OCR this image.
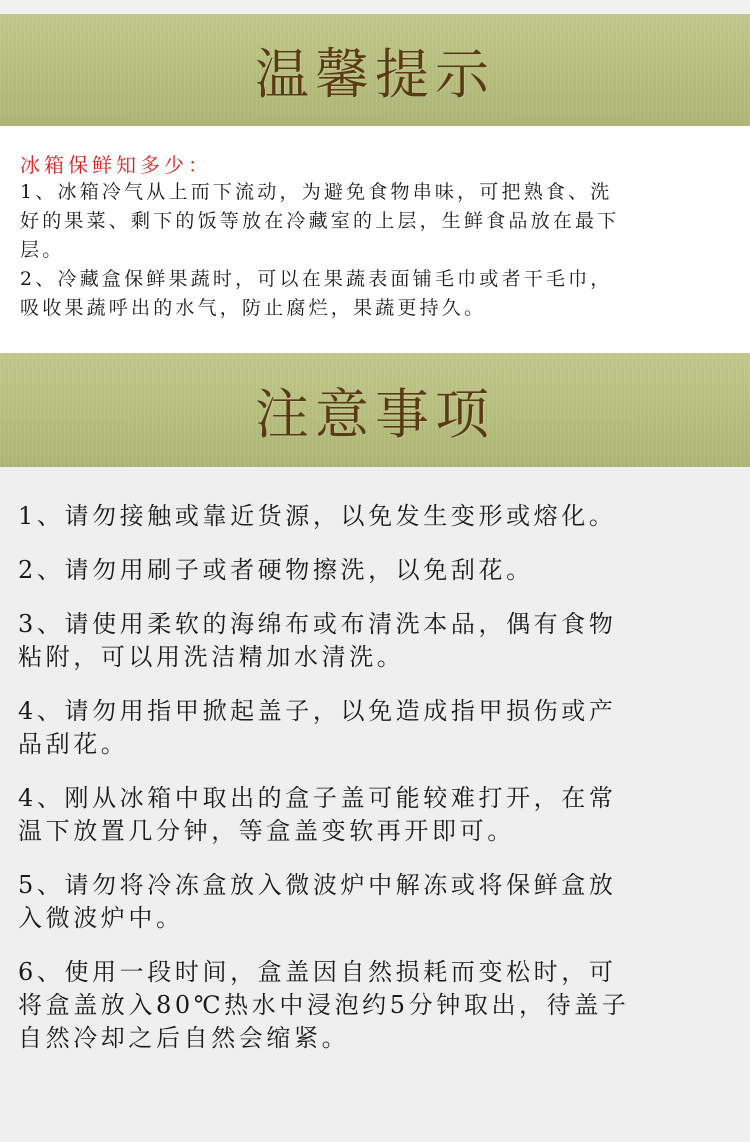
温馨提示

冰箱保鲜知多少：

1、冰箱冷气从上而下流动，为避免食物串味，可把熟食、洗

好的果菜、剩下的饭等放在冷藏室的上层，生鲜食品放在最下

层。

2、冷藏盒保鲜果蔬时，可以在果蔬表面铺毛巾或者干毛巾，

吸收果蔬呼出的水气，防止腐烂，果蔬更持久。

注意事项

1、请勿接触或靠近货源，以免发生变形或熔化。

2、请勿用刷子或者硬物擦洗，以免刮花。

3、请使用柔软的海绵布或布清洗本品，偶有食物
粘附，可以用洗洁精加水清洗。

4、请勿用指甲掀起盖子，以免造成指甲损伤或产
品刮花。

4、刚从冰箱中取出的盒子盖可能较难打开，在常
温下放置几分钟，等盒盖变软再开即可。

5、请勿将冷冻盒放入微波炉中解冻或将保鲜盒放
入微波炉中。

6、使用一段时间，盒盖因自然损耗而变松时，可
将盒盖放入80℃热水中浸泡约5分钟取出，待盖子
自然冷却之后自然会缩紧。
